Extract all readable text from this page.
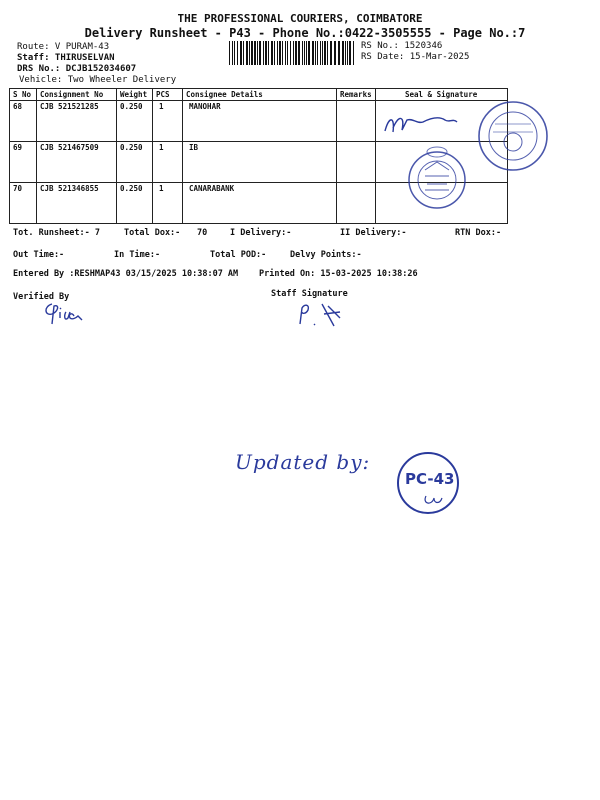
THE PROFESSIONAL COURIERS, COIMBATORE
Delivery Runsheet - P43 - Phone No.:0422-3505555 - Page No.:7
Route: V PURAM-43
Staff: THIRUSELVAN
DRS No.: DCJB152034607
Vehicle: Two Wheeler Delivery
RS No.: 1520346
RS Date: 15-Mar-2025
S No	Consignment No	Weight	PCS	Consignee Details	Remarks	Seal & Signature
68	CJB 521521285	0.250	1	MANOHAR		
69	CJB 521467509	0.250	1	IB		
70	CJB 521346855	0.250	1	CANARABANK		
Tot. Runsheet:- 7	Total Dox:- 70	I Delivery:-	II Delivery:-	RTN Dox:-
Out Time:-	In Time:-	Total POD:-	Delvy Points:-
Entered By :RESHMAP43 03/15/2025 10:38:07 AM Printed On: 15-03-2025 10:38:26
Verified By	Staff Signature
Updated by:
PC-43
